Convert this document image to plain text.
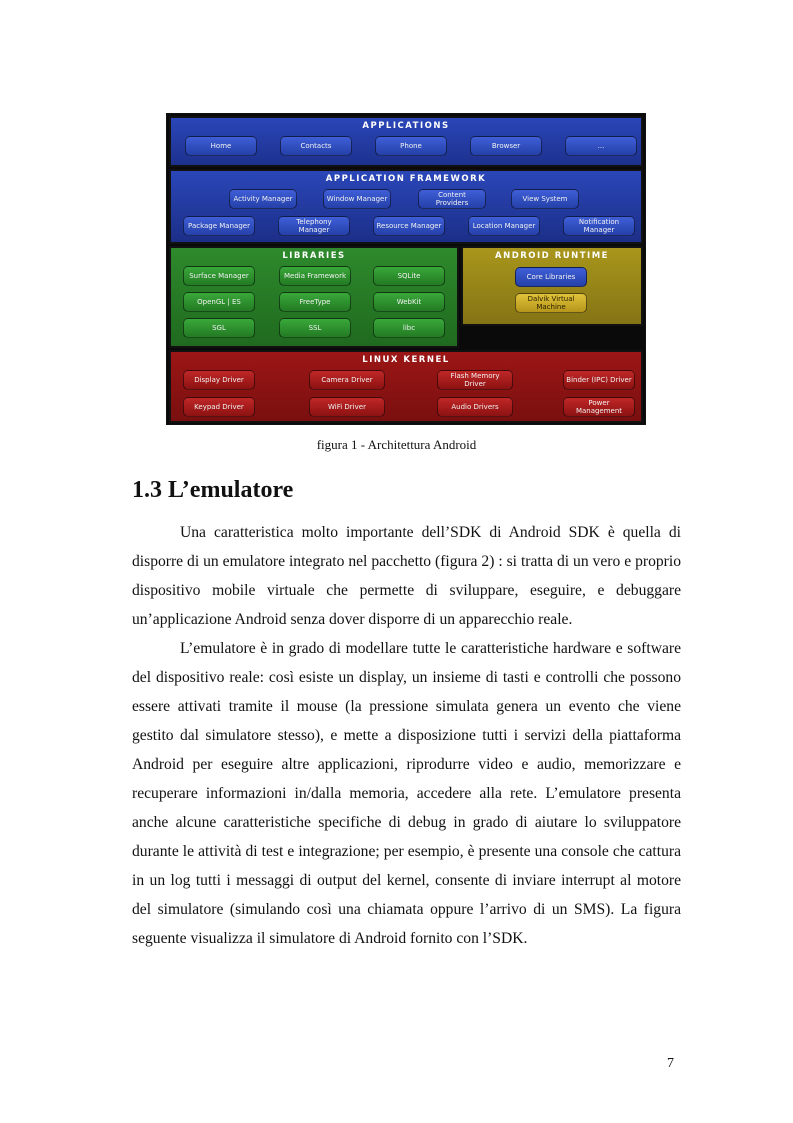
APPLICATIONS
Home	Contacts	Phone	Browser	...
APPLICATION FRAMEWORK
Activity Manager	Window Manager	Content Providers	View System
Package Manager	Telephony Manager	Resource Manager	Location Manager	Notification Manager
LIBRARIES
Surface Manager	Media Framework	SQLite
OpenGL | ES	FreeType	WebKit
SGL	SSL	libc
ANDROID RUNTIME
Core Libraries
Dalvik Virtual Machine
LINUX KERNEL
Display Driver	Camera Driver	Flash Memory Driver	Binder (IPC) Driver
Keypad Driver	WiFi Driver	Audio Drivers	Power Management
figura 1 - Architettura Android
1.3 L’emulatore

Una caratteristica molto importante dell’SDK di Android SDK è quella di disporre di un emulatore integrato nel pacchetto (figura 2) : si tratta di un vero e proprio dispositivo mobile virtuale che permette di sviluppare, eseguire, e debuggare un’applicazione Android senza dover disporre di un apparecchio reale.

L’emulatore è in grado di modellare tutte le caratteristiche hardware e software del dispositivo reale: così esiste un display, un insieme di tasti e controlli che possono essere attivati tramite il mouse (la pressione simulata genera un evento che viene gestito dal simulatore stesso), e mette a disposizione tutti i servizi della piattaforma Android per eseguire altre applicazioni, riprodurre video e audio, memorizzare e recuperare informazioni in/dalla memoria, accedere alla rete. L’emulatore presenta anche alcune caratteristiche specifiche di debug in grado di aiutare lo sviluppatore durante le attività di test e integrazione; per esempio, è presente una console che cattura in un log tutti i messaggi di output del kernel, consente di inviare interrupt al motore del simulatore (simulando così una chiamata oppure l’arrivo di un SMS). La figura seguente visualizza il simulatore di Android fornito con l’SDK.

7
